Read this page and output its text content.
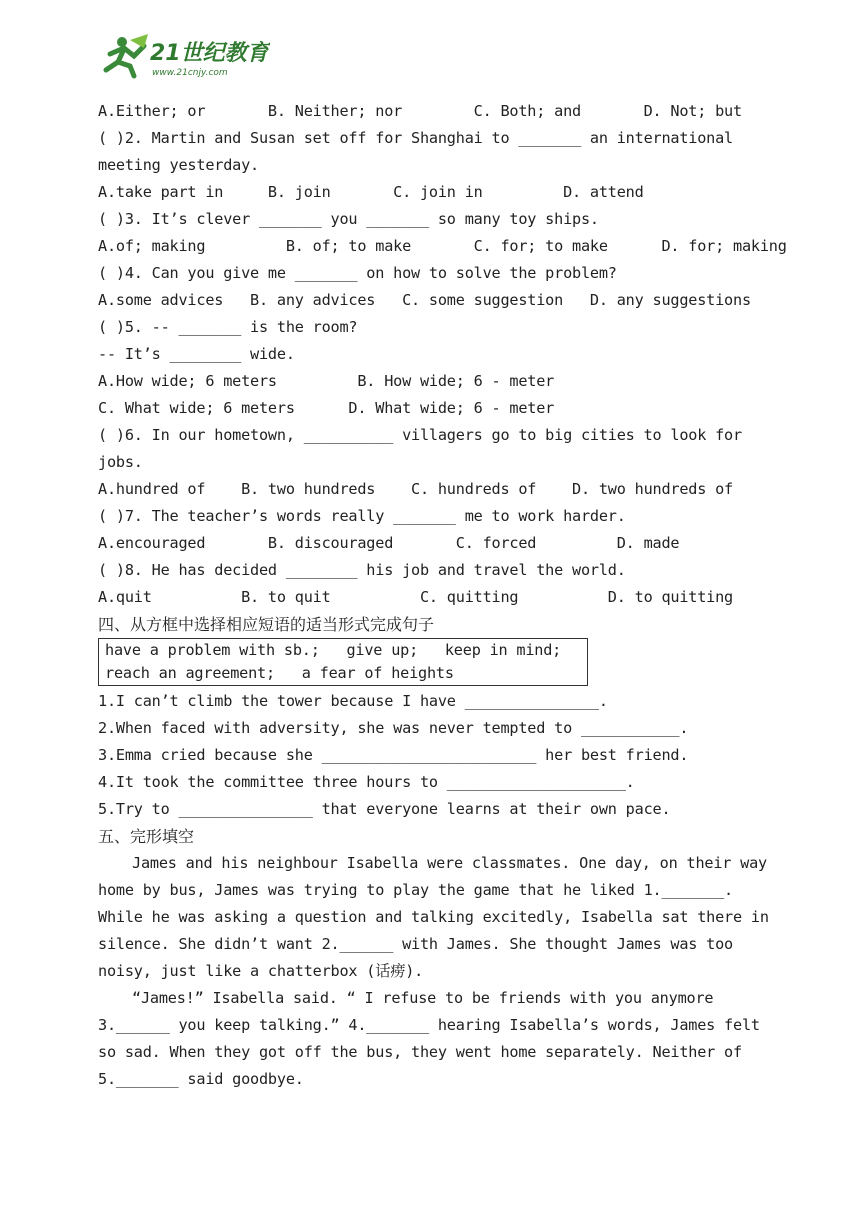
21世纪教育
www.21cnjy.com
A.Either; or       B. Neither; nor        C. Both; and       D. Not; but
( )2. Martin and Susan set off for Shanghai to _______ an international
meeting yesterday.
A.take part in     B. join       C. join in         D. attend
( )3. It’s clever _______ you _______ so many toy ships.
A.of; making         B. of; to make       C. for; to make      D. for; making
( )4. Can you give me _______ on how to solve the problem?
A.some advices   B. any advices   C. some suggestion   D. any suggestions
( )5. -- _______ is the room?
-- It’s ________ wide.
A.How wide; 6 meters         B. How wide; 6 - meter
C. What wide; 6 meters      D. What wide; 6 - meter
( )6. In our hometown, __________ villagers go to big cities to look for
jobs.
A.hundred of    B. two hundreds    C. hundreds of    D. two hundreds of
( )7. The teacher’s words really _______ me to work harder.
A.encouraged       B. discouraged       C. forced         D. made
( )8. He has decided ________ his job and travel the world.
A.quit          B. to quit          C. quitting          D. to quitting
四、从方框中选择相应短语的适当形式完成句子
have a problem with sb.;   give up;   keep in mind;
reach an agreement;   a fear of heights
1.I can’t climb the tower because I have _______________.
2.When faced with adversity, she was never tempted to ___________.
3.Emma cried because she ________________________ her best friend.
4.It took the committee three hours to ____________________.
5.Try to _______________ that everyone learns at their own pace.
五、完形填空
James and his neighbour Isabella were classmates. One day, on their way
home by bus, James was trying to play the game that he liked 1._______.
While he was asking a question and talking excitedly, Isabella sat there in
silence. She didn’t want 2.______ with James. She thought James was too
noisy, just like a chatterbox (话痨).
“James!” Isabella said. “ I refuse to be friends with you anymore
3.______ you keep talking.” 4._______ hearing Isabella’s words, James felt
so sad. When they got off the bus, they went home separately. Neither of
5._______ said goodbye.
